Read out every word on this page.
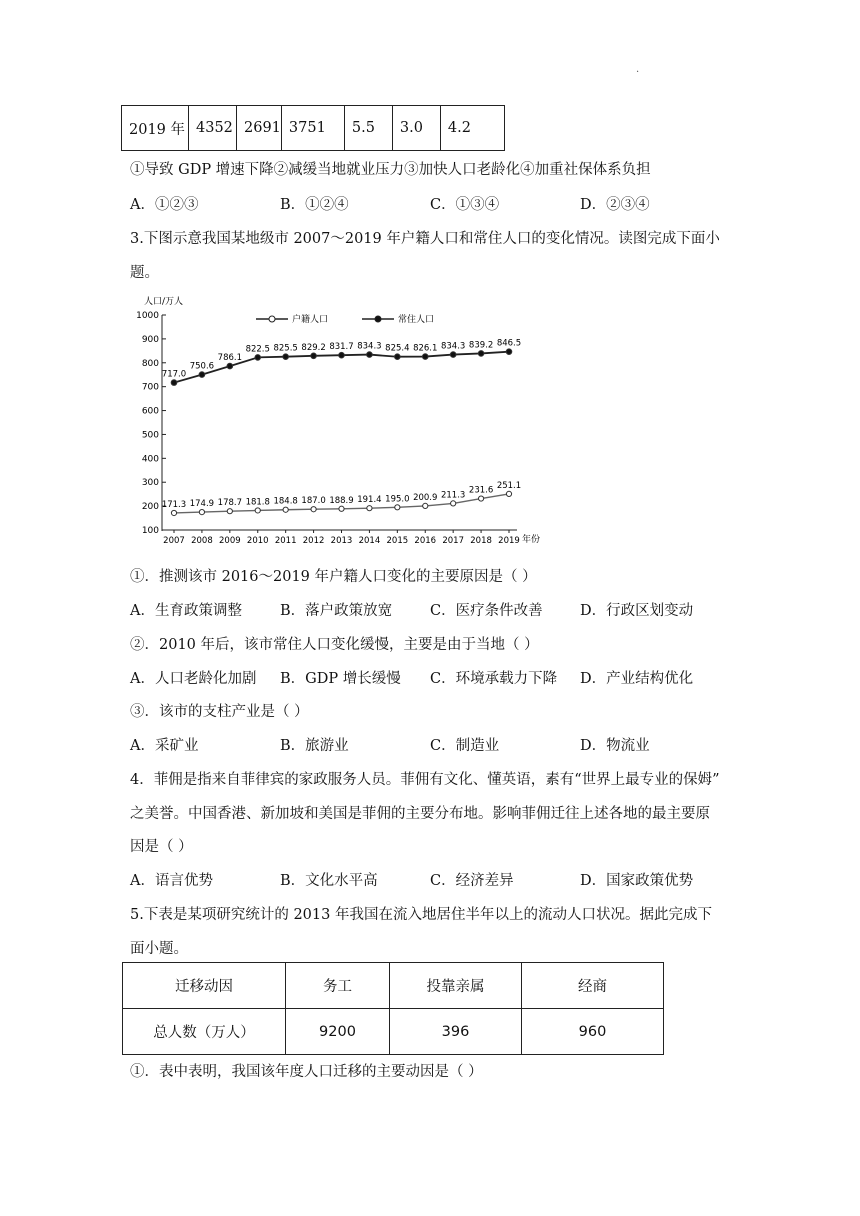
.
2019 年	4352	2691	3751	5.5	3.0	4.2
①导致 GDP 增速下降②减缓当地就业压力③加快人口老龄化④加重社保体系负担
A．①②③	B．①②④	C．①③④	D．②③④
3.下图示意我国某地级市 2007～2019 年户籍人口和常住人口的变化情况。读图完成下面小
题。
人口/万人
年份
100
200
300
400
500
600
700
800
900
1000
2007 2008 2009 2010 2011 2012 2013 2014 2015 2016 2017 2018 2019
户籍人口	常住人口
171.3 174.9 178.7 181.8 184.8 187.0 188.9 191.4 195.0 200.9 211.3 231.6 251.1
717.0
750.6
786.1
822.5 825.5 829.2 831.7 834.3 825.4 826.1 834.3 839.2 846.5
①．推测该市 2016～2019 年户籍人口变化的主要原因是（ ）
A．生育政策调整	B．落户政策放宽	C．医疗条件改善	D．行政区划变动
②．2010 年后，该市常住人口变化缓慢，主要是由于当地（ ）
A．人口老龄化加剧 B．GDP 增长缓慢 C．环境承载力下降 D．产业结构优化
③．该市的支柱产业是（ ）
A．采矿业	B．旅游业	C．制造业	D．物流业
4．菲佣是指来自菲律宾的家政服务人员。菲佣有文化、懂英语，素有“世界上最专业的保姆”
之美誉。中国香港、新加坡和美国是菲佣的主要分布地。影响菲佣迁往上述各地的最主要原
因是（ ）
A．语言优势	B．文化水平高	C．经济差异	D．国家政策优势
5.下表是某项研究统计的 2013 年我国在流入地居住半年以上的流动人口状况。据此完成下
面小题。
迁移动因	务工	投靠亲属	经商
总人数（万人）	9200	396	960
①．表中表明，我国该年度人口迁移的主要动因是（ ）
